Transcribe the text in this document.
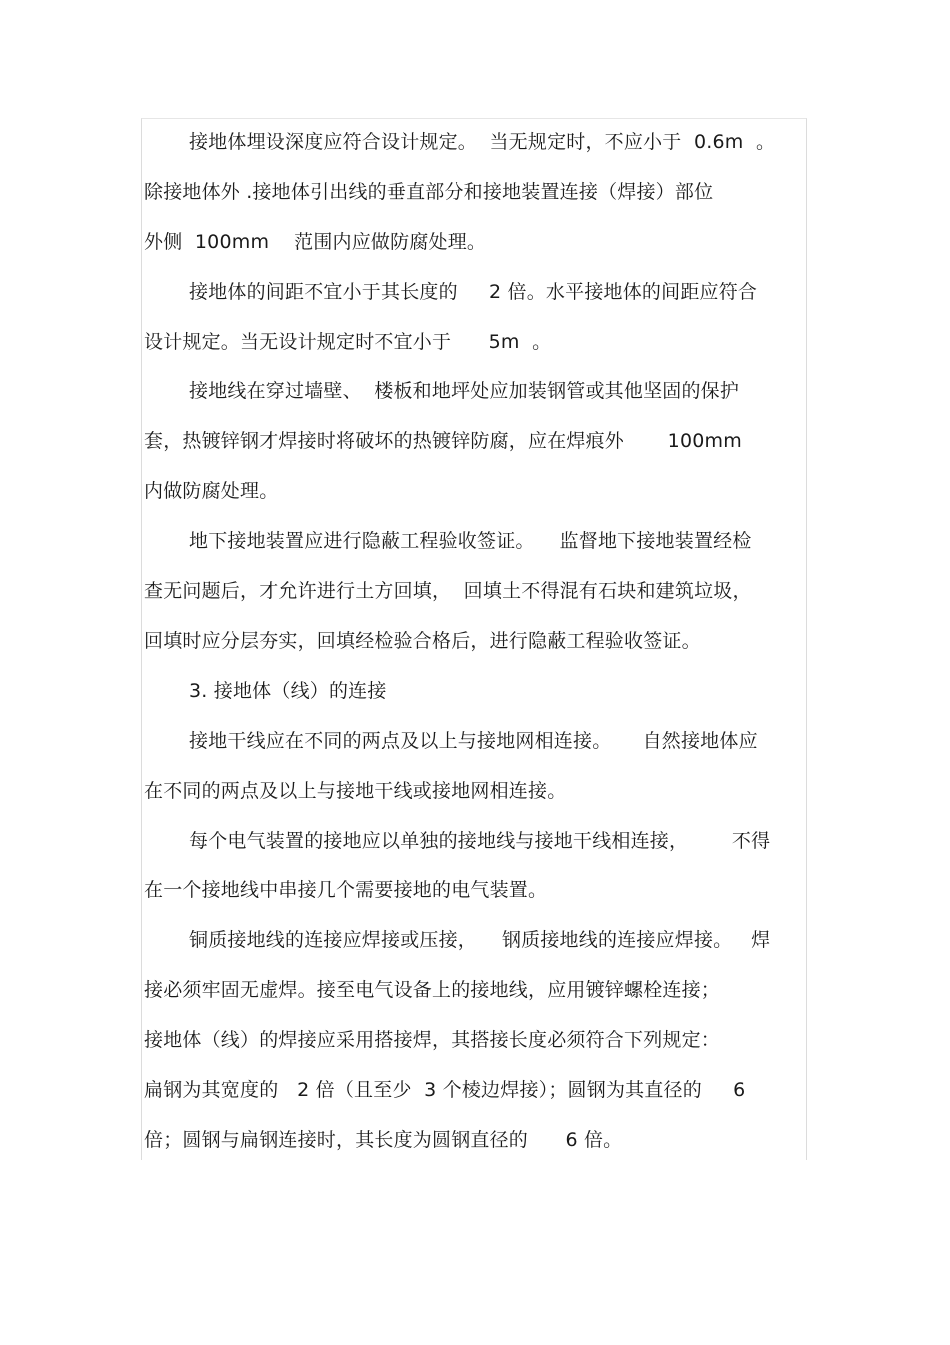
接地体埋设深度应符合设计规定。  当无规定时，不应小于  0.6m  。
除接地体外 .接地体引出线的垂直部分和接地装置连接（焊接）部位
外侧  100mm    范围内应做防腐处理。
接地体的间距不宜小于其长度的     2 倍。水平接地体的间距应符合
设计规定。当无设计规定时不宜小于      5m  。
接地线在穿过墙壁、  楼板和地坪处应加装钢管或其他坚固的保护
套，热镀锌钢才焊接时将破坏的热镀锌防腐，应在焊痕外       100mm
内做防腐处理。
地下接地装置应进行隐蔽工程验收签证。    监督地下接地装置经检
查无问题后，才允许进行土方回填，  回填土不得混有石块和建筑垃圾，
回填时应分层夯实，回填经检验合格后，进行隐蔽工程验收签证。
3. 接地体（线）的连接
接地干线应在不同的两点及以上与接地网相连接。     自然接地体应
在不同的两点及以上与接地干线或接地网相连接。
每个电气装置的接地应以单独的接地线与接地干线相连接，       不得
在一个接地线中串接几个需要接地的电气装置。
铜质接地线的连接应焊接或压接，    钢质接地线的连接应焊接。   焊
接必须牢固无虚焊。接至电气设备上的接地线，应用镀锌螺栓连接；
接地体（线）的焊接应采用搭接焊，其搭接长度必须符合下列规定：
扁钢为其宽度的   2 倍（且至少  3 个棱边焊接）；圆钢为其直径的     6
倍；圆钢与扁钢连接时，其长度为圆钢直径的      6 倍。
